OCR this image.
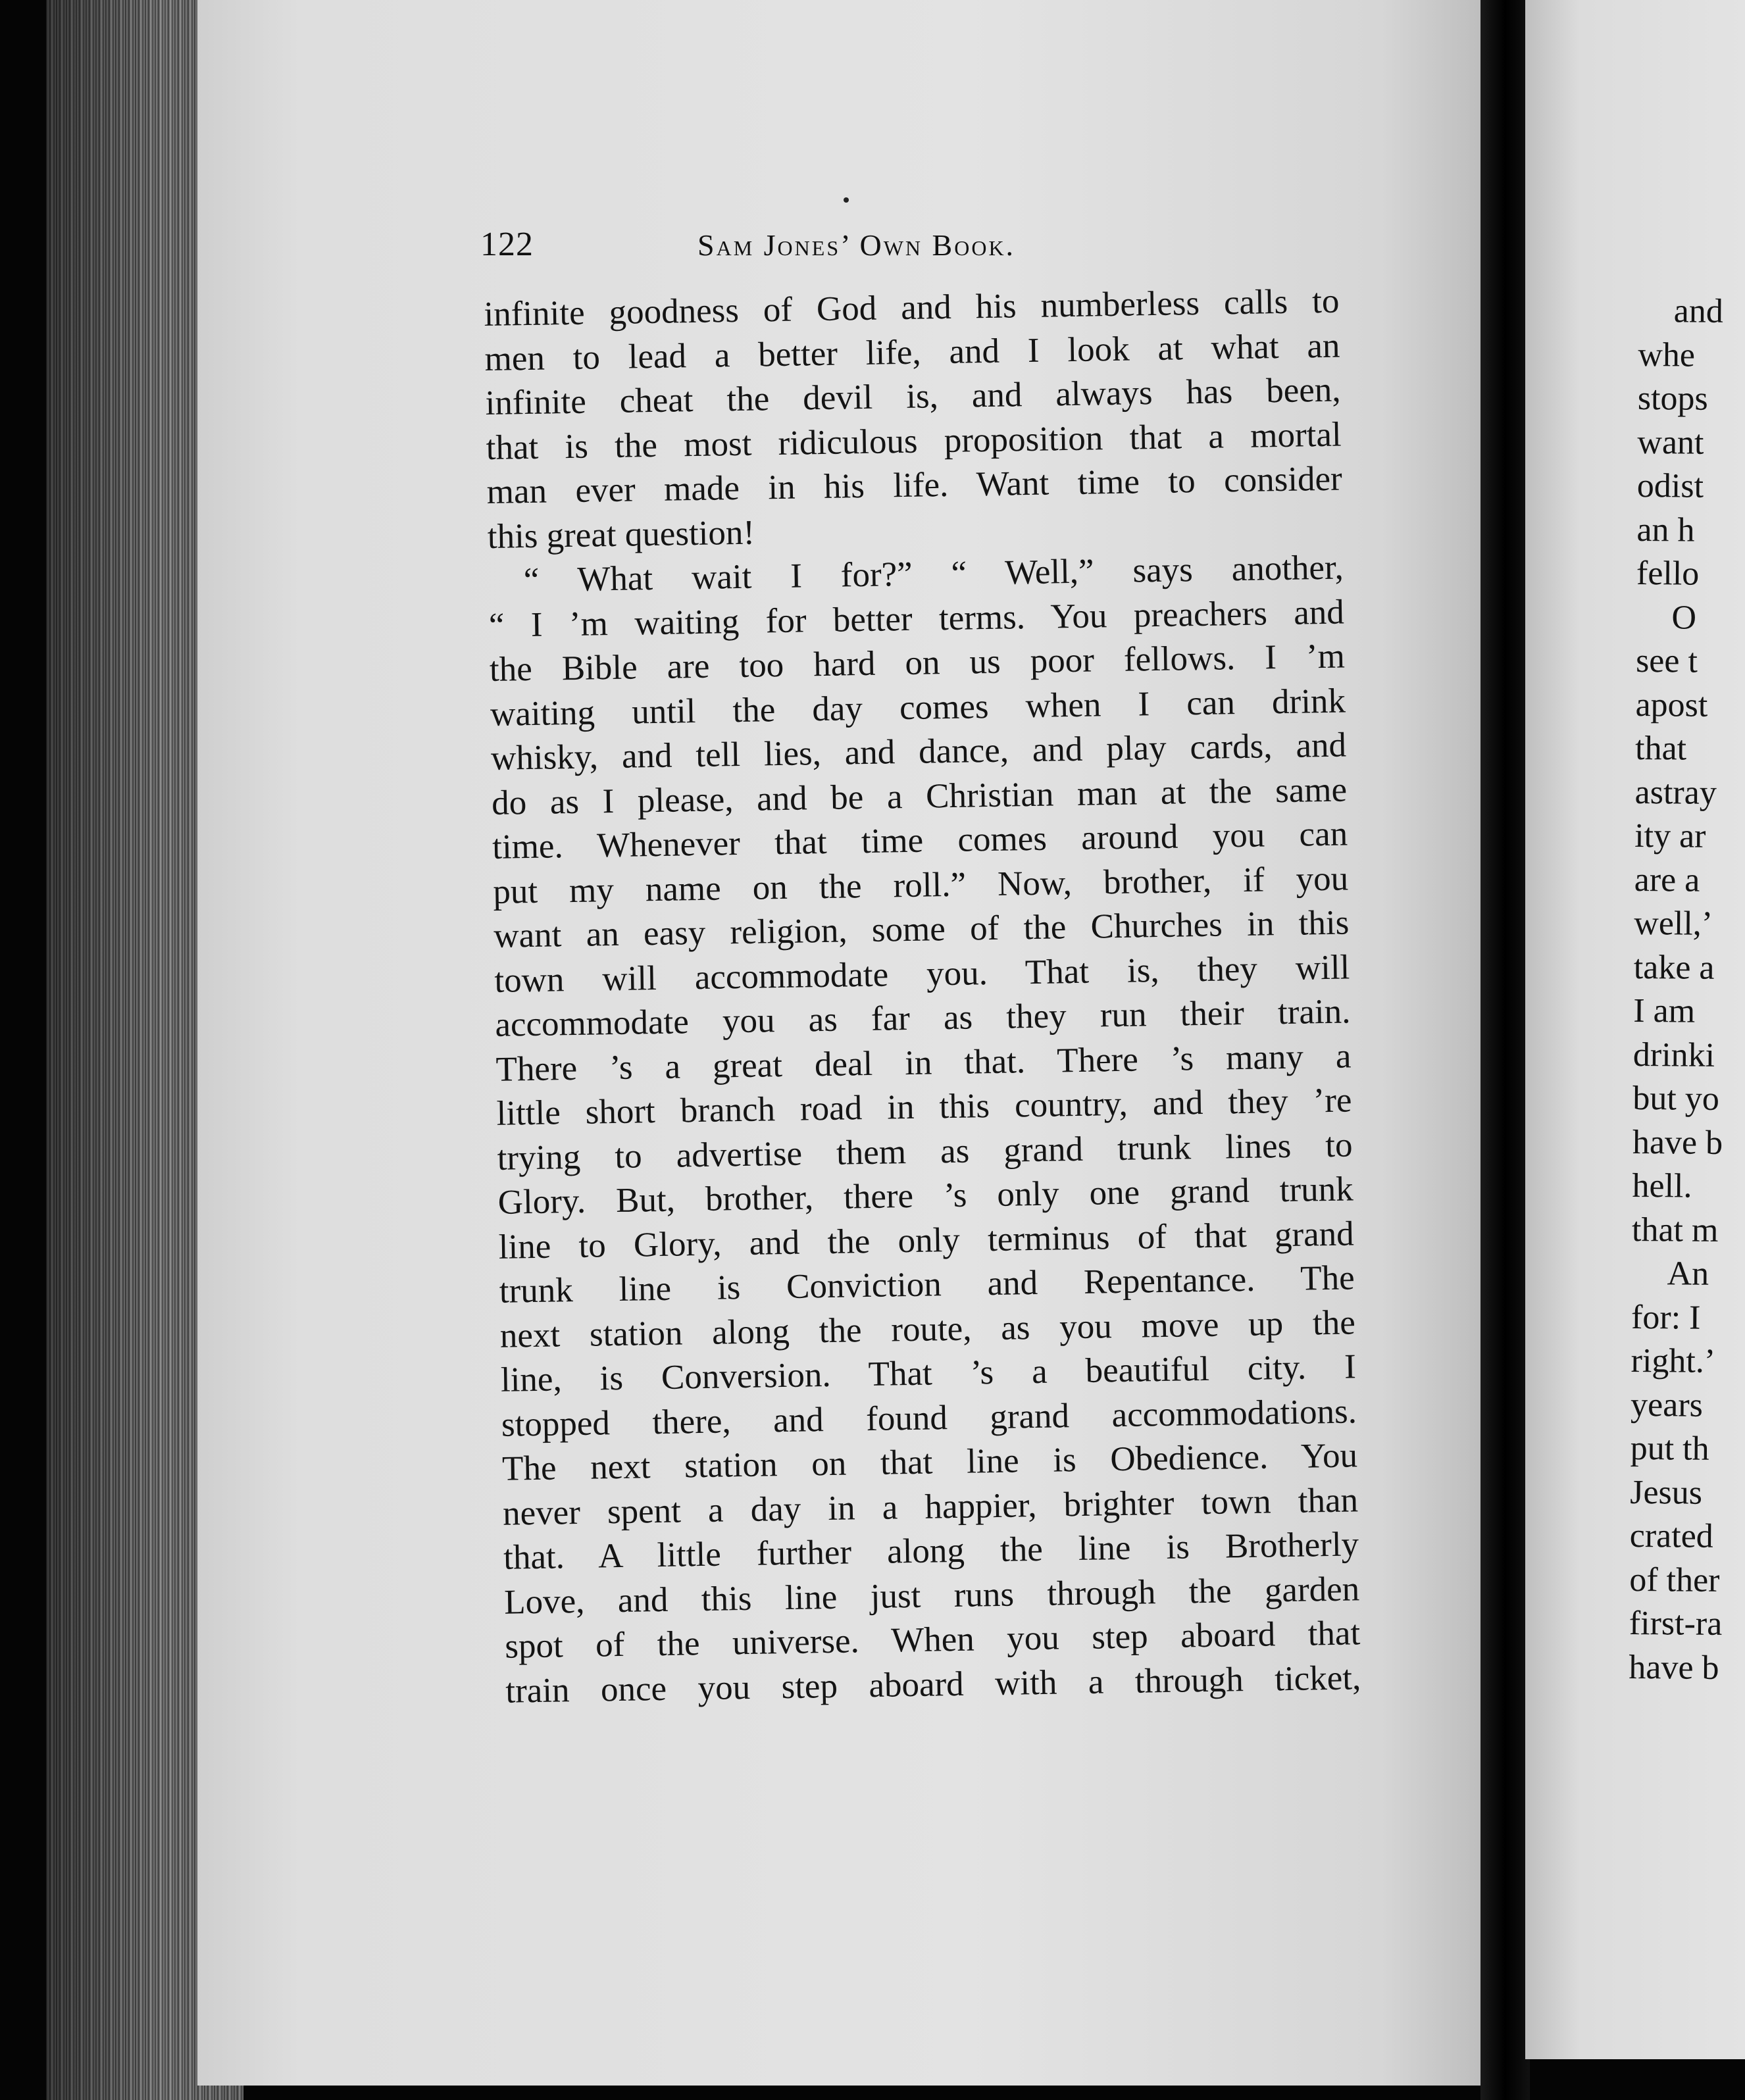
122	Sam Jones’ Own Book.
infinite goodness of God and his numberless calls to
men to lead a better life, and I look at what an
infinite cheat the devil is, and always has been,
that is the most ridiculous proposition that a mortal
man ever made in his life. Want time to consider
this great question!
“ What wait I for?” “ Well,” says another,
“ I ’m waiting for better terms. You preachers and
the Bible are too hard on us poor fellows. I ’m
waiting until the day comes when I can drink
whisky, and tell lies, and dance, and play cards, and
do as I please, and be a Christian man at the same
time. Whenever that time comes around you can
put my name on the roll.” Now, brother, if you
want an easy religion, some of the Churches in this
town will accommodate you. That is, they will
accommodate you as far as they run their train.
There ’s a great deal in that. There ’s many a
little short branch road in this country, and they ’re
trying to advertise them as grand trunk lines to
Glory. But, brother, there ’s only one grand trunk
line to Glory, and the only terminus of that grand
trunk line is Conviction and Repentance. The
next station along the route, as you move up the
line, is Conversion. That ’s a beautiful city. I
stopped there, and found grand accommodations.
The next station on that line is Obedience. You
never spent a day in a happier, brighter town than
that. A little further along the line is Brotherly
Love, and this line just runs through the garden
spot of the universe. When you step aboard that
train once you step aboard with a through ticket,
and
whe
stops
want
odist
an h
fello
O
see t
apost
that
astray
ity ar
are a
well,’
take a
I am
drinki
but yo
have b
hell.
that m
An
for: I
right.’
years
put th
Jesus
crated
of ther
first-ra
have b
